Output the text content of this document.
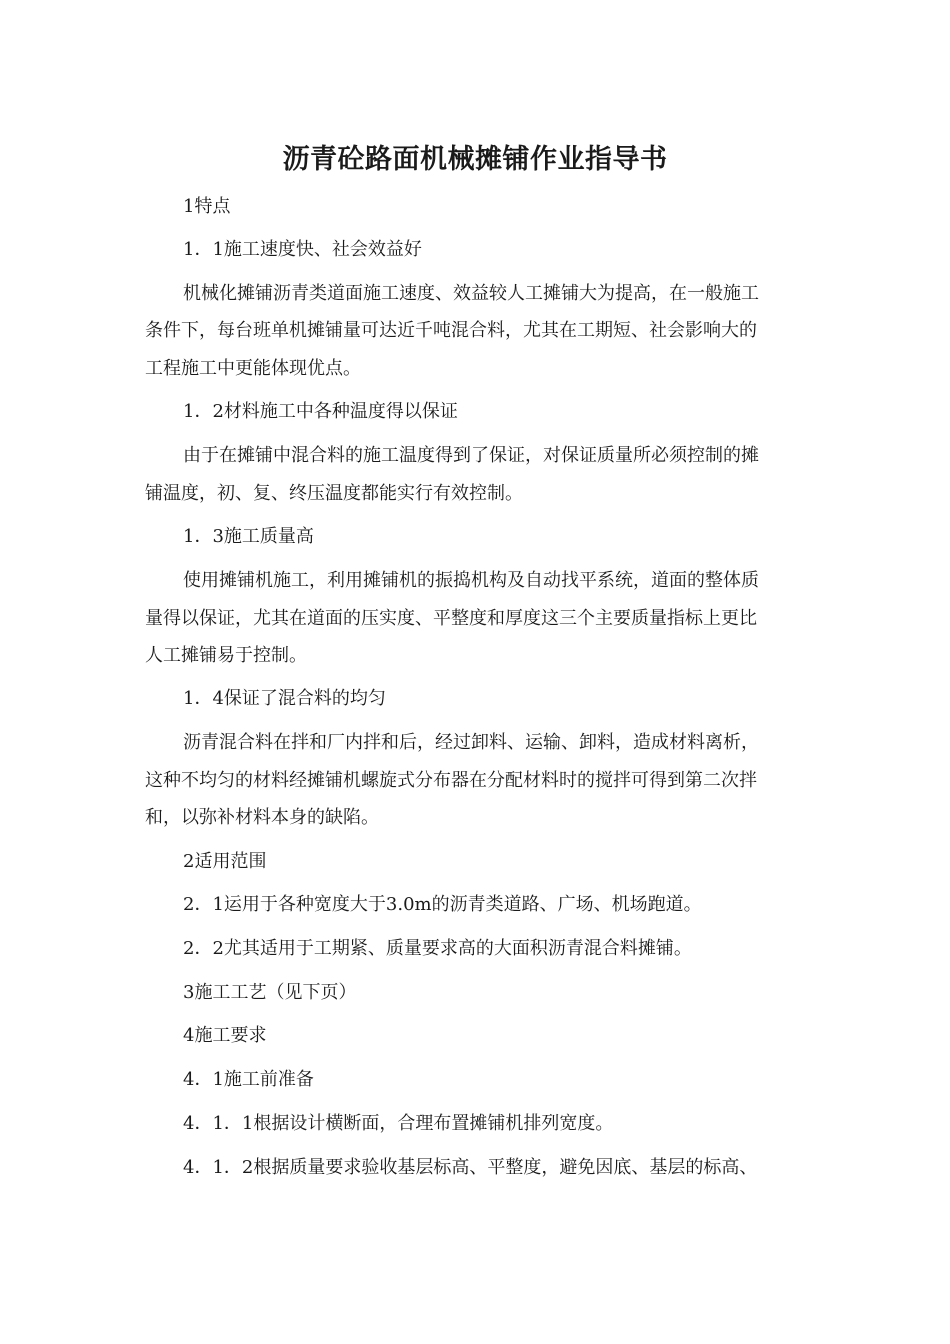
沥青砼路面机械摊铺作业指导书
1特点
1．1施工速度快、社会效益好
机械化摊铺沥青类道面施工速度、效益较人工摊铺大为提高，在一般施工
条件下，每台班单机摊铺量可达近千吨混合料，尤其在工期短、社会影响大的
工程施工中更能体现优点。
1．2材料施工中各种温度得以保证
由于在摊铺中混合料的施工温度得到了保证，对保证质量所必须控制的摊
铺温度，初、复、终压温度都能实行有效控制。
1．3施工质量高
使用摊铺机施工，利用摊铺机的振捣机构及自动找平系统，道面的整体质
量得以保证，尤其在道面的压实度、平整度和厚度这三个主要质量指标上更比
人工摊铺易于控制。
1．4保证了混合料的均匀
沥青混合料在拌和厂内拌和后，经过卸料、运输、卸料，造成材料离析，
这种不均匀的材料经摊铺机螺旋式分布器在分配材料时的搅拌可得到第二次拌
和，以弥补材料本身的缺陷。
2适用范围
2．1运用于各种宽度大于3.0m的沥青类道路、广场、机场跑道。
2．2尤其适用于工期紧、质量要求高的大面积沥青混合料摊铺。
3施工工艺（见下页）
4施工要求
4．1施工前准备
4．1．1根据设计横断面，合理布置摊铺机排列宽度。
4．1．2根据质量要求验收基层标高、平整度，避免因底、基层的标高、
